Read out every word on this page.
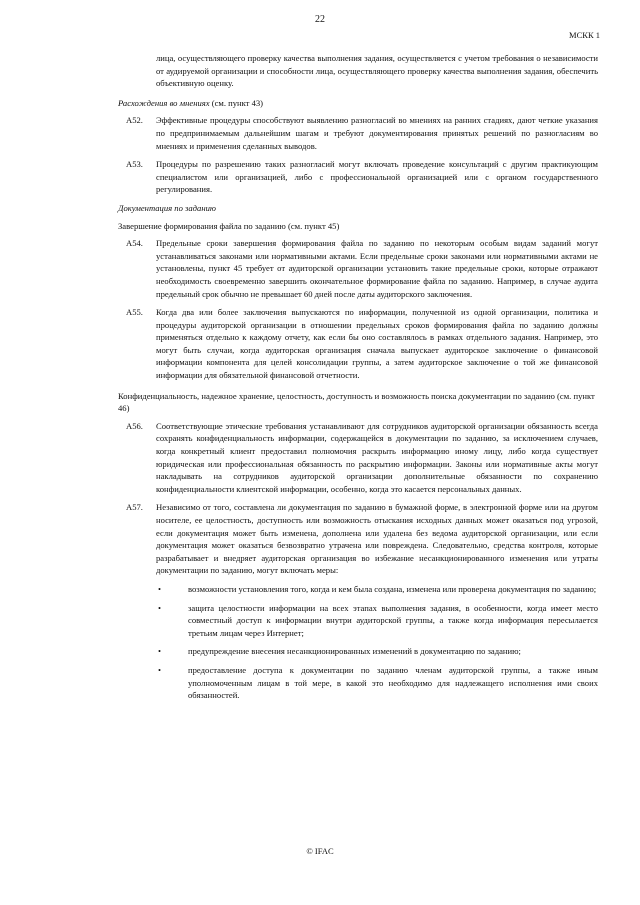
22
МСКК 1
лица, осуществляющего проверку качества выполнения задания, осуществляется с учетом требования о независимости от аудируемой организации и способности лица, осуществляющего проверку качества выполнения задания, обеспечить объективную оценку.
Расхождения во мнениях (см. пункт 43)
A52.	Эффективные процедуры способствуют выявлению разногласий во мнениях на ранних стадиях, дают четкие указания по предпринимаемым дальнейшим шагам и требуют документирования принятых решений по разногласиям во мнениях и применения сделанных выводов.
A53.	Процедуры по разрешению таких разногласий могут включать проведение консультаций с другим практикующим специалистом или организацией, либо с профессиональной организацией или с органом государственного регулирования.
Документация по заданию
Завершение формирования файла по заданию (см. пункт 45)
A54.	Предельные сроки завершения формирования файла по заданию по некоторым особым видам заданий могут устанавливаться законами или нормативными актами. Если предельные сроки законами или нормативными актами не установлены, пункт 45 требует от аудиторской организации установить такие предельные сроки, которые отражают необходимость своевременно завершить окончательное формирование файла по заданию. Например, в случае аудита предельный срок обычно не превышает 60 дней после даты аудиторского заключения.
A55.	Когда два или более заключения выпускаются по информации, полученной из одной организации, политика и процедуры аудиторской организации в отношении предельных сроков формирования файла по заданию должны применяться отдельно к каждому отчету, как если бы оно составлялось в рамках отдельного задания. Например, это могут быть случаи, когда аудиторская организация сначала выпускает аудиторское заключение о финансовой информации компонента для целей консолидации группы, а затем аудиторское заключение о той же финансовой информации для обязательной финансовой отчетности.
Конфиденциальность, надежное хранение, целостность, доступность и возможность поиска документации по заданию (см. пункт 46)
A56.	Соответствующие этические требования устанавливают для сотрудников аудиторской организации обязанность всегда сохранять конфиденциальность информации, содержащейся в документации по заданию, за исключением случаев, когда конкретный клиент предоставил полномочия раскрыть информацию иному лицу, либо когда существует юридическая или профессиональная обязанность по раскрытию информации. Законы или нормативные акты могут накладывать на сотрудников аудиторской организации дополнительные обязанности по сохранению конфиденциальности клиентской информации, особенно, когда это касается персональных данных.
A57.	Независимо от того, составлена ли документация по заданию в бумажной форме, в электронной форме или на другом носителе, ее целостность, доступность или возможность отыскания исходных данных может оказаться под угрозой, если документация может быть изменена, дополнена или удалена без ведома аудиторской организации, или если документация может оказаться безвозвратно утрачена или повреждена. Следовательно, средства контроля, которые разрабатывает и внедряет аудиторская организация во избежание несанкционированного изменения или утраты документации по заданию, могут включать меры:
•	возможности установления того, когда и кем была создана, изменена или проверена документация по заданию;
•	защита целостности информации на всех этапах выполнения задания, в особенности, когда имеет место совместный доступ к информации внутри аудиторской группы, а также когда информация пересылается третьим лицам через Интернет;
•	предупреждение внесения несанкционированных изменений в документацию по заданию;
•	предоставление доступа к документации по заданию членам аудиторской группы, а также иным уполномоченным лицам в той мере, в какой это необходимо для надлежащего исполнения ими своих обязанностей.
© IFAC
